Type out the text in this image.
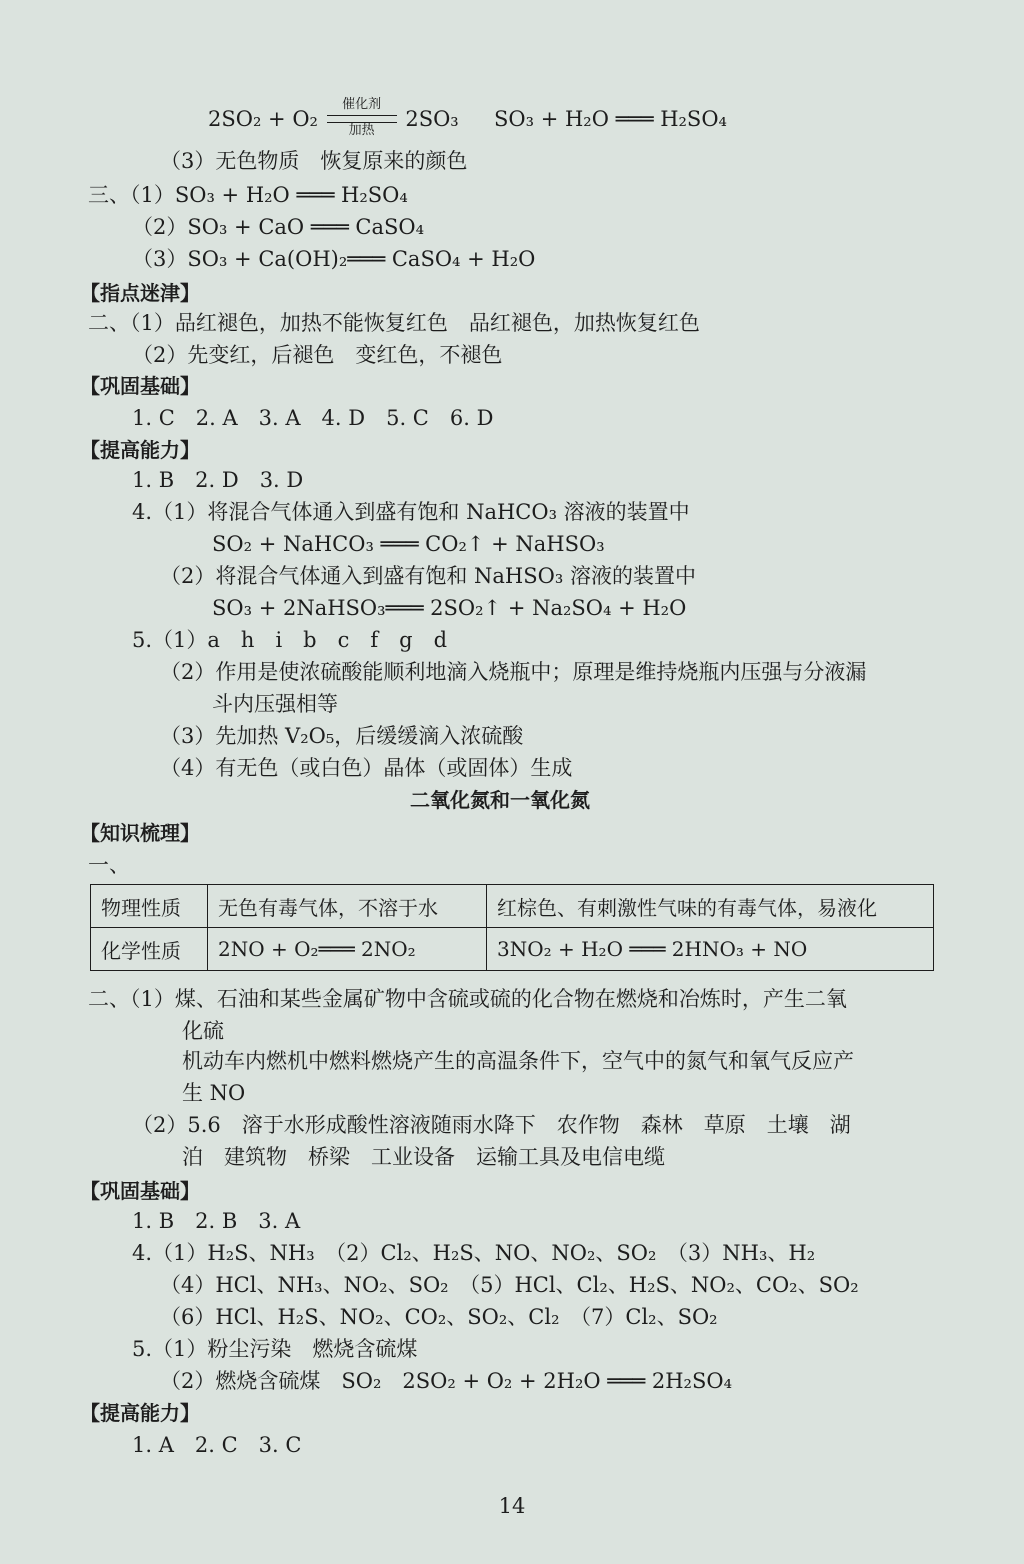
2SO₂ + O₂
催化剂
加热	2SO₃ SO₃ + H₂O ═══ H₂SO₄
（3）无色物质　恢复原来的颜色
三、（1）SO₃ + H₂O ═══ H₂SO₄
（2）SO₃ + CaO ═══ CaSO₄
（3）SO₃ + Ca(OH)₂═══ CaSO₄ + H₂O
【指点迷津】
二、（1）品红褪色，加热不能恢复红色　品红褪色，加热恢复红色
（2）先变红，后褪色　变红色，不褪色
【巩固基础】
1. C　2. A　3. A　4. D　5. C　6. D
【提高能力】
1. B　2. D　3. D
4.（1）将混合气体通入到盛有饱和 NaHCO₃ 溶液的装置中
SO₂ + NaHCO₃ ═══ CO₂↑ + NaHSO₃
（2）将混合气体通入到盛有饱和 NaHSO₃ 溶液的装置中
SO₃ + 2NaHSO₃═══ 2SO₂↑ + Na₂SO₄ + H₂O
5.（1）a　h　i　b　c　f　g　d
（2）作用是使浓硫酸能顺利地滴入烧瓶中；原理是维持烧瓶内压强与分液漏
斗内压强相等
（3）先加热 V₂O₅，后缓缓滴入浓硫酸
（4）有无色（或白色）晶体（或固体）生成
二氧化氮和一氧化氮
【知识梳理】
一、
物理性质	无色有毒气体，不溶于水	红棕色、有刺激性气味的有毒气体，易液化
化学性质	2NO + O₂═══ 2NO₂	3NO₂ + H₂O ═══ 2HNO₃ + NO
二、（1）煤、石油和某些金属矿物中含硫或硫的化合物在燃烧和冶炼时，产生二氧
化硫
机动车内燃机中燃料燃烧产生的高温条件下，空气中的氮气和氧气反应产
生 NO
（2）5.6　溶于水形成酸性溶液随雨水降下　农作物　森林　草原　土壤　湖
泊　建筑物　桥梁　工业设备　运输工具及电信电缆
【巩固基础】
1. B　2. B　3. A
4.（1）H₂S、NH₃　（2）Cl₂、H₂S、NO、NO₂、SO₂　（3）NH₃、H₂
（4）HCl、NH₃、NO₂、SO₂　（5）HCl、Cl₂、H₂S、NO₂、CO₂、SO₂
（6）HCl、H₂S、NO₂、CO₂、SO₂、Cl₂　（7）Cl₂、SO₂
5.（1）粉尘污染　燃烧含硫煤
（2）燃烧含硫煤　SO₂　2SO₂ + O₂ + 2H₂O ═══ 2H₂SO₄
【提高能力】
1. A　2. C　3. C
14
